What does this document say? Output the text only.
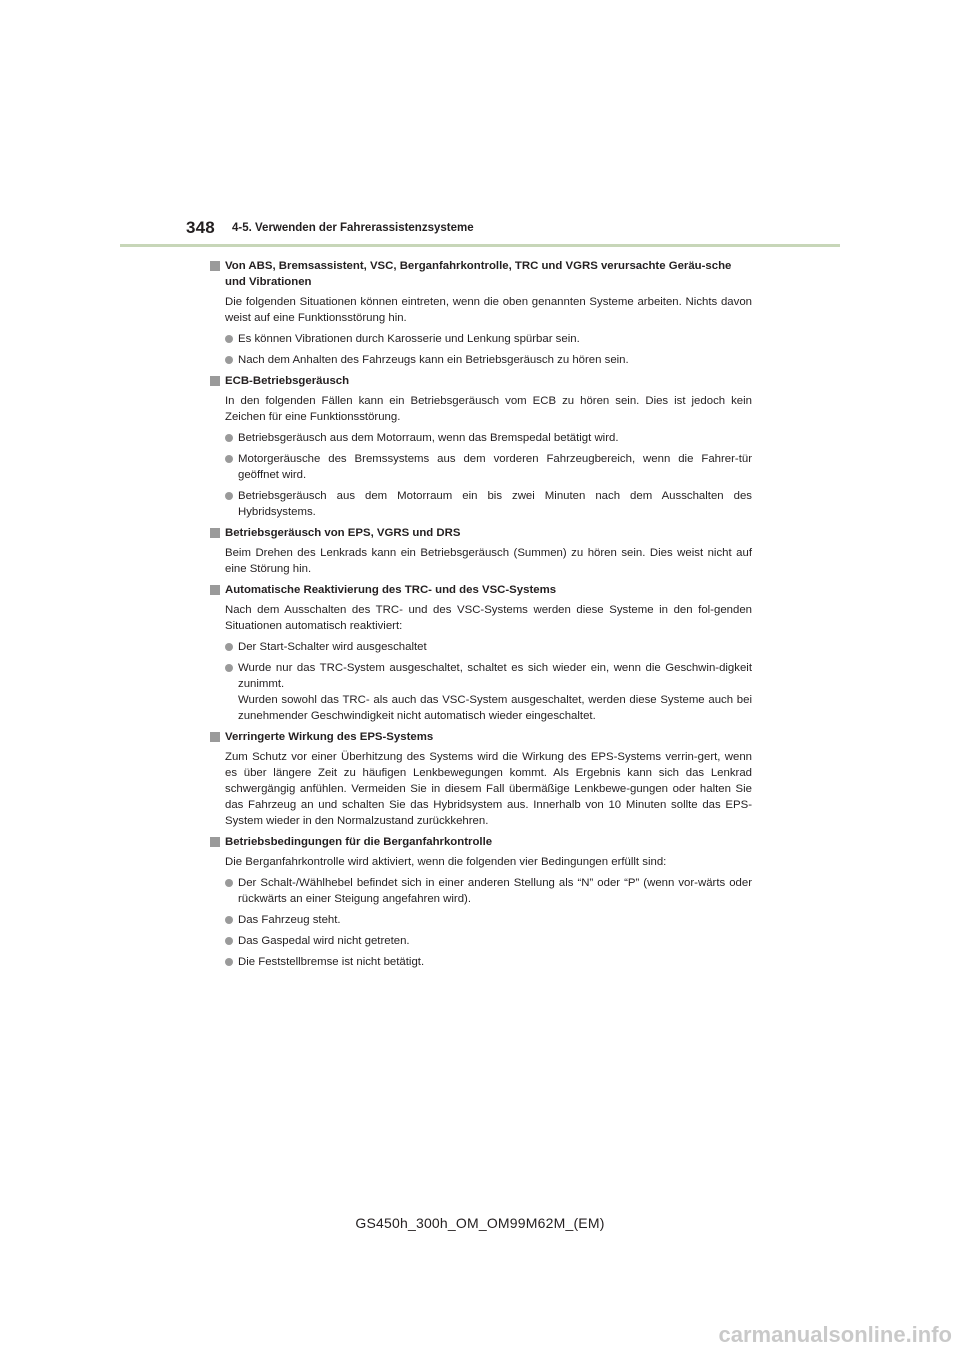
348 4-5. Verwenden der Fahrerassistenzsysteme
Von ABS, Bremsassistent, VSC, Berganfahrkontrolle, TRC und VGRS verursachte Geräu-sche und Vibrationen
Die folgenden Situationen können eintreten, wenn die oben genannten Systeme arbeiten. Nichts davon weist auf eine Funktionsstörung hin.
Es können Vibrationen durch Karosserie und Lenkung spürbar sein.
Nach dem Anhalten des Fahrzeugs kann ein Betriebsgeräusch zu hören sein.
ECB-Betriebsgeräusch
In den folgenden Fällen kann ein Betriebsgeräusch vom ECB zu hören sein. Dies ist jedoch kein Zeichen für eine Funktionsstörung.
Betriebsgeräusch aus dem Motorraum, wenn das Bremspedal betätigt wird.
Motorgeräusche des Bremssystems aus dem vorderen Fahrzeugbereich, wenn die Fahrer-tür geöffnet wird.
Betriebsgeräusch aus dem Motorraum ein bis zwei Minuten nach dem Ausschalten des Hybridsystems.
Betriebsgeräusch von EPS, VGRS und DRS
Beim Drehen des Lenkrads kann ein Betriebsgeräusch (Summen) zu hören sein. Dies weist nicht auf eine Störung hin.
Automatische Reaktivierung des TRC- und des VSC-Systems
Nach dem Ausschalten des TRC- und des VSC-Systems werden diese Systeme in den fol-genden Situationen automatisch reaktiviert:
Der Start-Schalter wird ausgeschaltet
Wurde nur das TRC-System ausgeschaltet, schaltet es sich wieder ein, wenn die Geschwin-digkeit zunimmt.
Wurden sowohl das TRC- als auch das VSC-System ausgeschaltet, werden diese Systeme auch bei zunehmender Geschwindigkeit nicht automatisch wieder eingeschaltet.
Verringerte Wirkung des EPS-Systems
Zum Schutz vor einer Überhitzung des Systems wird die Wirkung des EPS-Systems verrin-gert, wenn es über längere Zeit zu häufigen Lenkbewegungen kommt. Als Ergebnis kann sich das Lenkrad schwergängig anfühlen. Vermeiden Sie in diesem Fall übermäßige Lenkbewe-gungen oder halten Sie das Fahrzeug an und schalten Sie das Hybridsystem aus. Innerhalb von 10 Minuten sollte das EPS-System wieder in den Normalzustand zurückkehren.
Betriebsbedingungen für die Berganfahrkontrolle
Die Berganfahrkontrolle wird aktiviert, wenn die folgenden vier Bedingungen erfüllt sind:
Der Schalt-/Wählhebel befindet sich in einer anderen Stellung als “N” oder “P” (wenn vor-wärts oder rückwärts an einer Steigung angefahren wird).
Das Fahrzeug steht.
Das Gaspedal wird nicht getreten.
Die Feststellbremse ist nicht betätigt.
GS450h_300h_OM_OM99M62M_(EM)
carmanualsonline.info
